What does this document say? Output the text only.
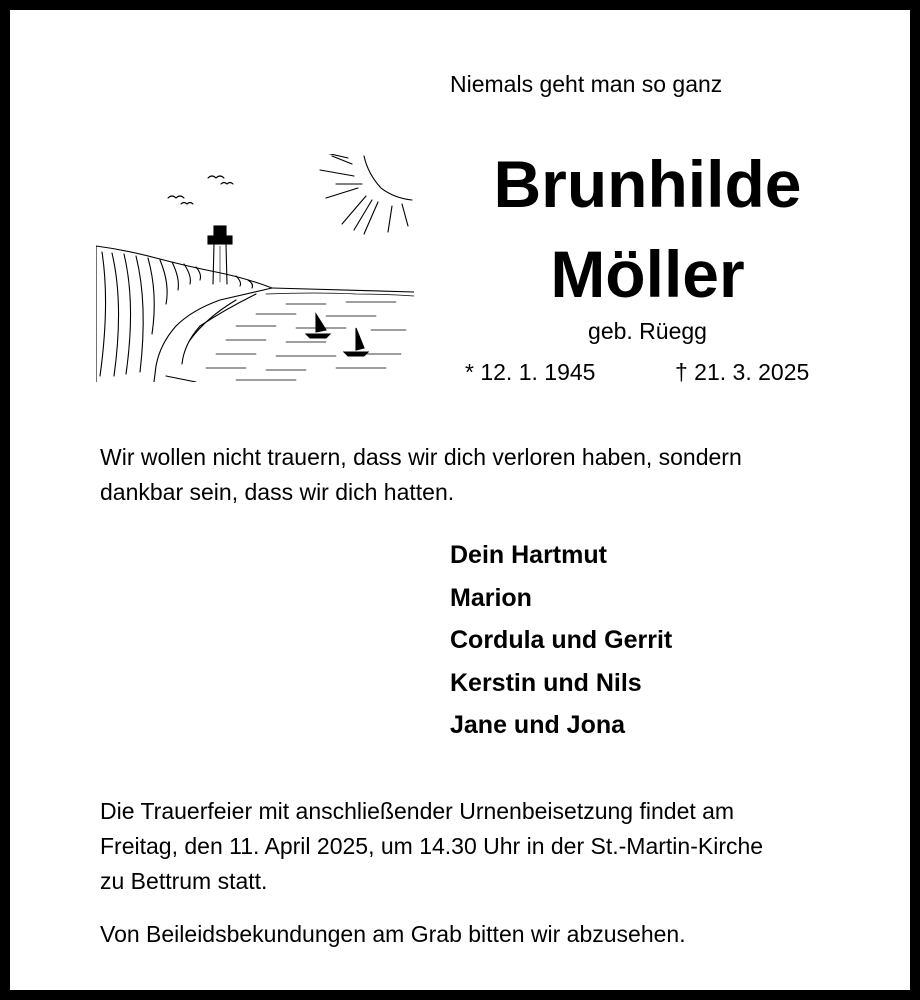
Niemals geht man so ganz
Brunhilde
Möller
geb. Rüegg
* 12. 1. 1945	† 21. 3. 2025

Wir wollen nicht trauern, dass wir dich verloren haben, sondern

dankbar sein, dass wir dich hatten.

Dein Hartmut
Marion
Cordula und Gerrit
Kerstin und Nils
Jane und Jona

Die Trauerfeier mit anschließender Urnenbeisetzung findet am

Freitag, den 11. April 2025, um 14.30 Uhr in der St.-Martin-Kirche

zu Bettrum statt.

Von Beileidsbekundungen am Grab bitten wir abzusehen.
